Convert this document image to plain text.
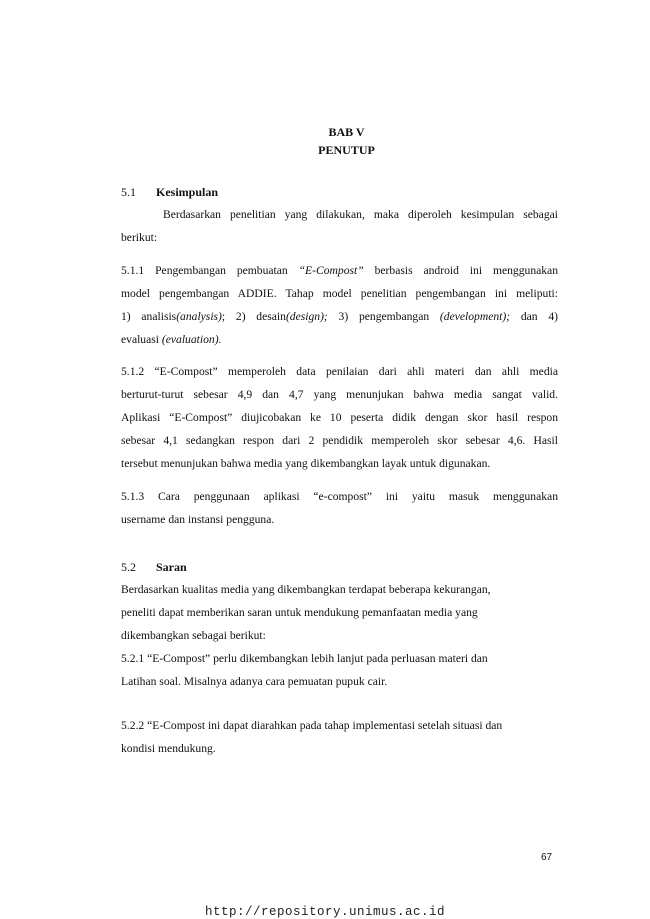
BAB V
PENUTUP
5.1 Kesimpulan
Berdasarkan penelitian yang dilakukan, maka diperoleh kesimpulan sebagai
berikut:
5.1.1 Pengembangan pembuatan “E-Compost” berbasis android ini menggunakan
model pengembangan ADDIE. Tahap model penelitian pengembangan ini meliputi:
1) analisis(analysis); 2) desain(design); 3) pengembangan (development); dan 4)
evaluasi (evaluation).
5.1.2 “E-Compost” memperoleh data penilaian dari ahli materi dan ahli media
berturut-turut sebesar 4,9 dan 4,7 yang menunjukan bahwa media sangat valid.
Aplikasi “E-Compost” diujicobakan ke 10 peserta didik dengan skor hasil respon
sebesar 4,1 sedangkan respon dari 2 pendidik memperoleh skor sebesar 4,6. Hasil
tersebut menunjukan bahwa media yang dikembangkan layak untuk digunakan.
5.1.3 Cara penggunaan aplikasi “e-compost” ini yaitu masuk menggunakan
username dan instansi pengguna.
5.2 Saran
Berdasarkan kualitas media yang dikembangkan terdapat beberapa kekurangan,
peneliti dapat memberikan saran untuk mendukung pemanfaatan media yang
dikembangkan sebagai berikut:
5.2.1 “E-Compost” perlu dikembangkan lebih lanjut pada perluasan materi dan
Latihan soal. Misalnya adanya cara pemuatan pupuk cair.
5.2.2 “E-Compost ini dapat diarahkan pada tahap implementasi setelah situasi dan
kondisi mendukung.
67
http://repository.unimus.ac.id
